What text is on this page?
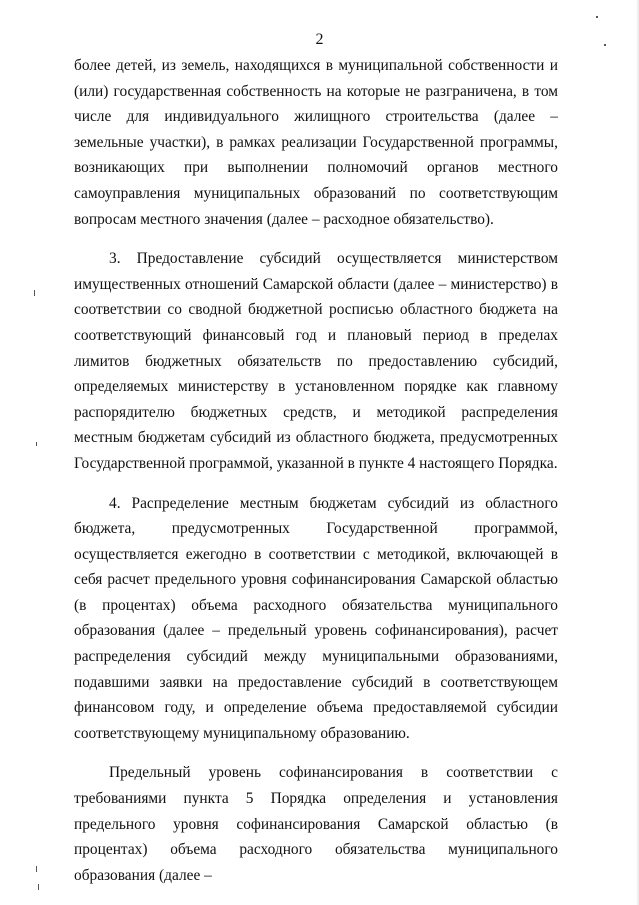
2

более детей, из земель, находящихся в муниципальной собственности и (или) государственная собственность на которые не разграничена, в том числе для индивидуального жилищного строительства (далее – земельные участки), в рамках реализации Государственной программы, возникающих при выполнении полномочий органов местного самоуправления муниципальных образований по соответствующим вопросам местного значения (далее – расходное обязательство).

3. Предоставление субсидий осуществляется министерством имущественных отношений Самарской области (далее – министерство) в соответствии со сводной бюджетной росписью областного бюджета на соответствующий финансовый год и плановый период в пределах лимитов бюджетных обязательств по предоставлению субсидий, определяемых министерству в установленном порядке как главному распорядителю бюджетных средств, и методикой распределения местным бюджетам субсидий из областного бюджета, предусмотренных Государственной программой, указанной в пункте 4 настоящего Порядка.

4. Распределение местным бюджетам субсидий из областного бюджета, предусмотренных Государственной программой, осуществляется ежегодно в соответствии с методикой, включающей в себя расчет предельного уровня софинансирования Самарской областью (в процентах) объема расходного обязательства муниципального образования (далее – предельный уровень софинансирования), расчет распределения субсидий между муниципальными образованиями, подавшими заявки на предоставление субсидий в соответствующем финансовом году, и определение объема предоставляемой субсидии соответствующему муниципальному образованию.

Предельный уровень софинансирования в соответствии с требованиями пункта 5 Порядка определения и установления предельного уровня софинансирования Самарской областью (в процентах) объема расходного обязательства муниципального образования (далее –
